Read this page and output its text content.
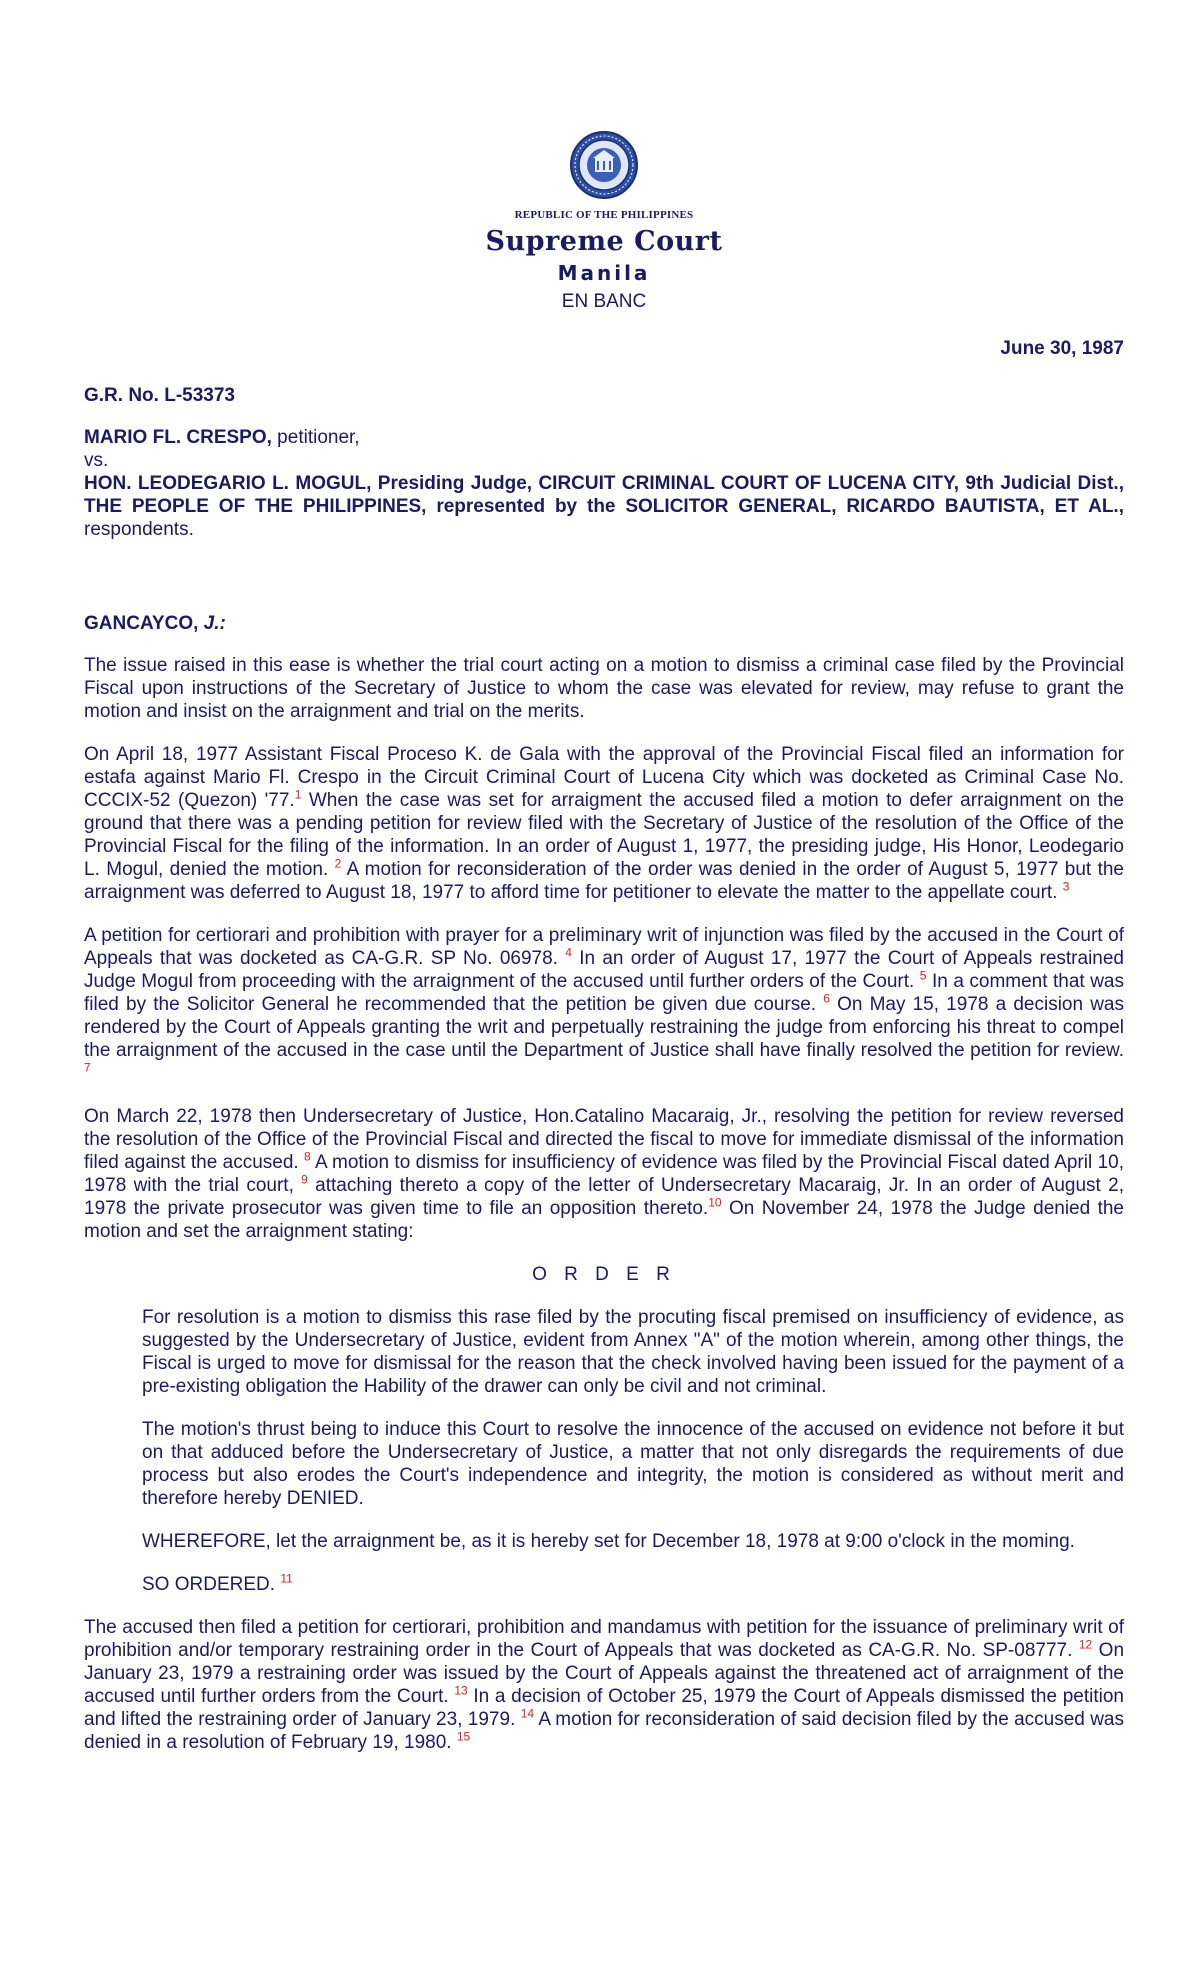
REPUBLIC OF THE PHILIPPINES
Supreme Court
Manila
EN BANC
June 30, 1987
G.R. No. L-53373
MARIO FL. CRESPO, petitioner,
vs.
HON. LEODEGARIO L. MOGUL, Presiding Judge, CIRCUIT CRIMINAL COURT OF LUCENA CITY, 9th Judicial Dist., THE PEOPLE OF THE PHILIPPINES, represented by the SOLICITOR GENERAL, RICARDO BAUTISTA, ET AL., respondents.
GANCAYCO, J.:

The issue raised in this ease is whether the trial court acting on a motion to dismiss a criminal case filed by the Provincial Fiscal upon instructions of the Secretary of Justice to whom the case was elevated for review, may refuse to grant the motion and insist on the arraignment and trial on the merits.

On April 18, 1977 Assistant Fiscal Proceso K. de Gala with the approval of the Provincial Fiscal filed an information for estafa against Mario Fl. Crespo in the Circuit Criminal Court of Lucena City which was docketed as Criminal Case No. CCCIX-52 (Quezon) '77.$^1$ When the case was set for arraigment the accused filed a motion to defer arraignment on the ground that there was a pending petition for review filed with the Secretary of Justice of the resolution of the Office of the Provincial Fiscal for the filing of the information. In an order of August 1, 1977, the presiding judge, His Honor, Leodegario L. Mogul, denied the motion. $^2$ A motion for reconsideration of the order was denied in the order of August 5, 1977 but the arraignment was deferred to August 18, 1977 to afford time for petitioner to elevate the matter to the appellate court. $^3$

A petition for certiorari and prohibition with prayer for a preliminary writ of injunction was filed by the accused in the Court of Appeals that was docketed as CA-G.R. SP No. 06978. $^4$ In an order of August 17, 1977 the Court of Appeals restrained Judge Mogul from proceeding with the arraignment of the accused until further orders of the Court. $^5$ In a comment that was filed by the Solicitor General he recommended that the petition be given due course. $^6$ On May 15, 1978 a decision was rendered by the Court of Appeals granting the writ and perpetually restraining the judge from enforcing his threat to compel the arraignment of the accused in the case until the Department of Justice shall have finally resolved the petition for review. $^7$

On March 22, 1978 then Undersecretary of Justice, Hon.Catalino Macaraig, Jr., resolving the petition for review reversed the resolution of the Office of the Provincial Fiscal and directed the fiscal to move for immediate dismissal of the information filed against the accused. $^8$ A motion to dismiss for insufficiency of evidence was filed by the Provincial Fiscal dated April 10, 1978 with the trial court, $^9$ attaching thereto a copy of the letter of Undersecretary Macaraig, Jr. In an order of August 2, 1978 the private prosecutor was given time to file an opposition thereto.$^{10}$ On November 24, 1978 the Judge denied the motion and set the arraignment stating:

O R D E R

For resolution is a motion to dismiss this rase filed by the procuting fiscal premised on insufficiency of evidence, as suggested by the Undersecretary of Justice, evident from Annex "A" of the motion wherein, among other things, the Fiscal is urged to move for dismissal for the reason that the check involved having been issued for the payment of a pre-existing obligation the Hability of the drawer can only be civil and not criminal.

The motion's thrust being to induce this Court to resolve the innocence of the accused on evidence not before it but on that adduced before the Undersecretary of Justice, a matter that not only disregards the requirements of due process but also erodes the Court's independence and integrity, the motion is considered as without merit and therefore hereby DENIED.

WHEREFORE, let the arraignment be, as it is hereby set for December 18, 1978 at 9:00 o'clock in the moming.

SO ORDERED. $^{11}$

The accused then filed a petition for certiorari, prohibition and mandamus with petition for the issuance of preliminary writ of prohibition and/or temporary restraining order in the Court of Appeals that was docketed as CA-G.R. No. SP-08777. $^{12}$ On January 23, 1979 a restraining order was issued by the Court of Appeals against the threatened act of arraignment of the accused until further orders from the Court. $^{13}$ In a decision of October 25, 1979 the Court of Appeals dismissed the petition and lifted the restraining order of January 23, 1979. $^{14}$ A motion for reconsideration of said decision filed by the accused was denied in a resolution of February 19, 1980. $^{15}$
